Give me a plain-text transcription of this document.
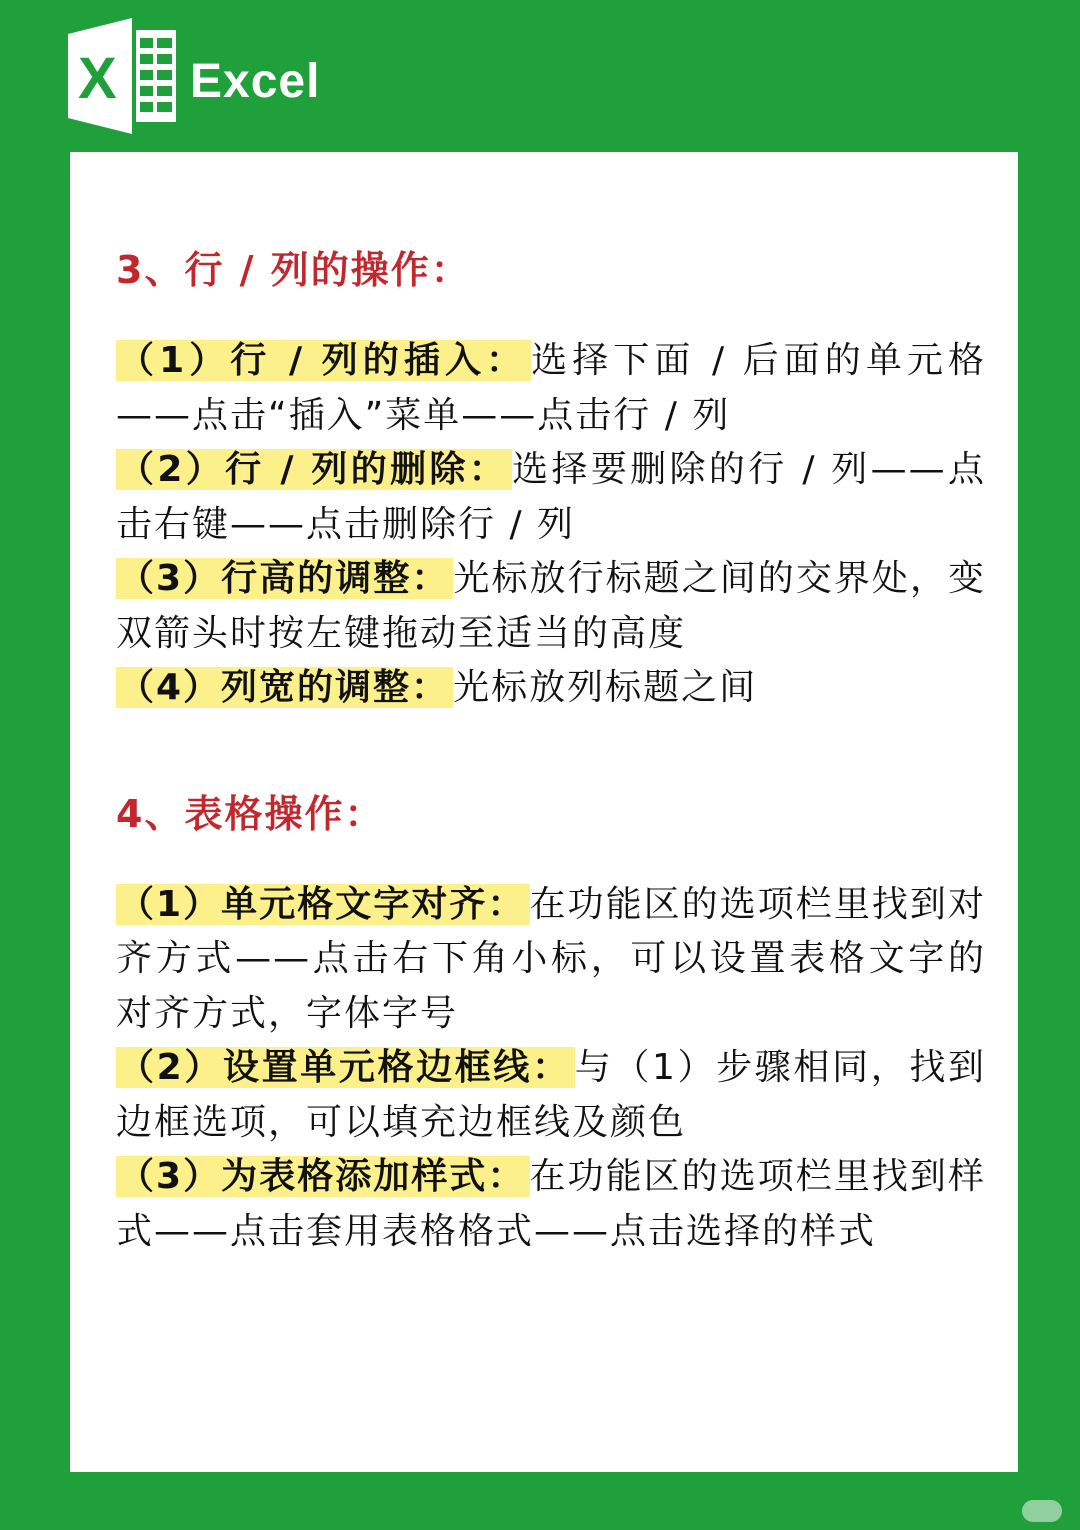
X Excel
3、行 / 列的操作：

（1）行 / 列的插入： 选择下面 / 后面的单元格——点击“插入”菜单——点击行 / 列

（2）行 / 列的删除： 选择要删除的行 / 列——点击右键——点击删除行 / 列

（3）行高的调整： 光标放行标题之间的交界处，变双箭头时按左键拖动至适当的高度

（4）列宽的调整： 光标放列标题之间

4、表格操作：

（1）单元格文字对齐： 在功能区的选项栏里找到对齐方式——点击右下角小标，可以设置表格文字的对齐方式，字体字号

（2）设置单元格边框线： 与（1）步骤相同，找到边框选项，可以填充边框线及颜色

（3）为表格添加样式： 在功能区的选项栏里找到样式——点击套用表格格式——点击选择的样式
